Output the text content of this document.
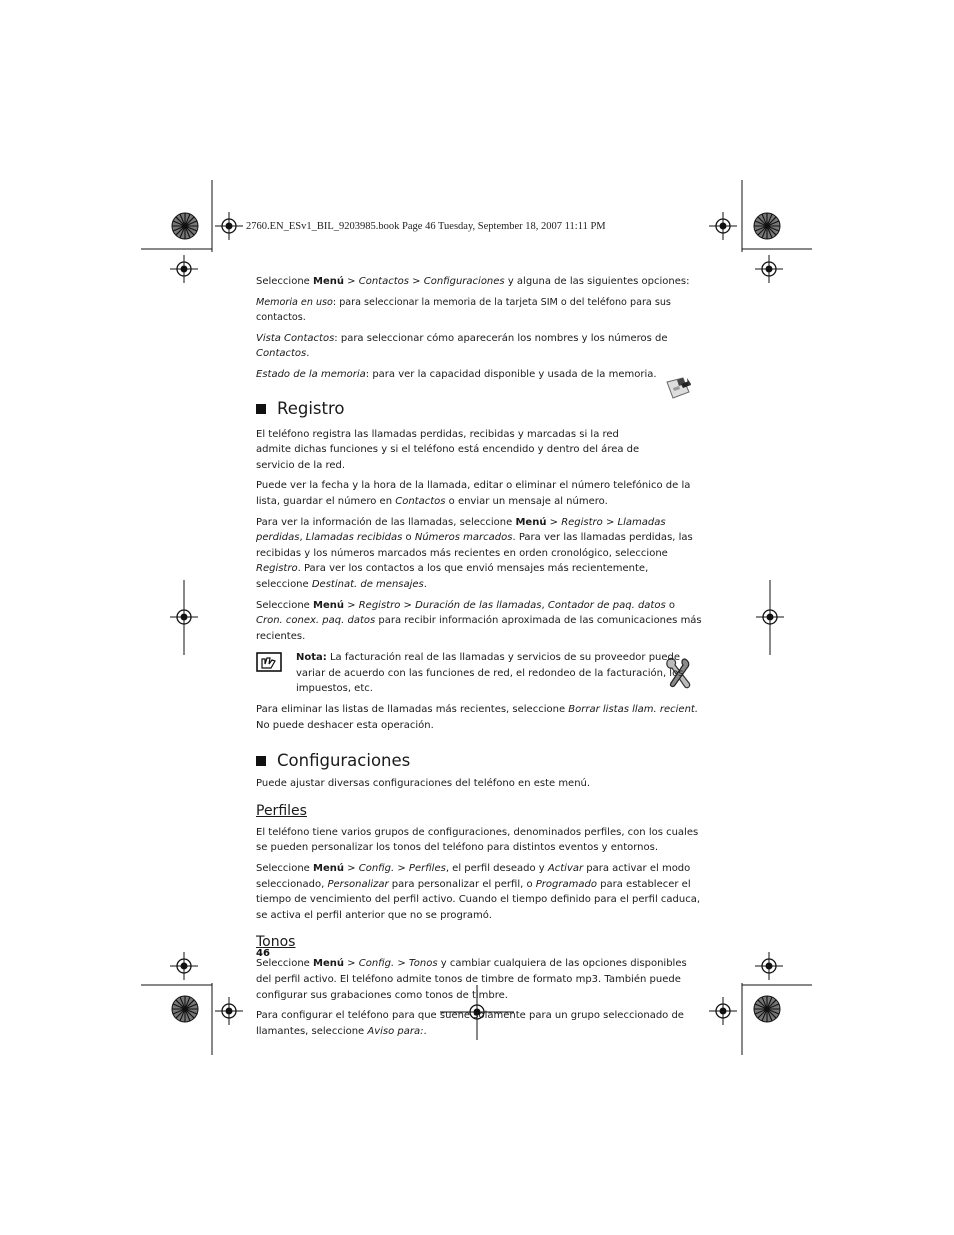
2760.EN_ESv1_BIL_9203985.book Page 46 Tuesday, September 18, 2007 11:11 PM

Seleccione Menú > Contactos > Configuraciones y alguna de las siguientes opciones:

Memoria en uso: para seleccionar la memoria de la tarjeta SIM o del teléfono para sus contactos.

Vista Contactos: para seleccionar cómo aparecerán los nombres y los números de Contactos.

Estado de la memoria: para ver la capacidad disponible y usada de la memoria.

Registro

El teléfono registra las llamadas perdidas, recibidas y marcadas si la red admite dichas funciones y si el teléfono está encendido y dentro del área de servicio de la red.

Puede ver la fecha y la hora de la llamada, editar o eliminar el número telefónico de la lista, guardar el número en Contactos o enviar un mensaje al número.

Para ver la información de las llamadas, seleccione Menú > Registro > Llamadas perdidas, Llamadas recibidas o Números marcados. Para ver las llamadas perdidas, las recibidas y los números marcados más recientes en orden cronológico, seleccione Registro. Para ver los contactos a los que envió mensajes más recientemente, seleccione Destinat. de mensajes.

Seleccione Menú > Registro > Duración de las llamadas, Contador de paq. datos o Cron. conex. paq. datos para recibir información aproximada de las comunicaciones más recientes.

Nota: La facturación real de las llamadas y servicios de su proveedor puede variar de acuerdo con las funciones de red, el redondeo de la facturación, los impuestos, etc.

Para eliminar las listas de llamadas más recientes, seleccione Borrar listas llam. recient. No puede deshacer esta operación.

Configuraciones

Puede ajustar diversas configuraciones del teléfono en este menú.

Perfiles

El teléfono tiene varios grupos de configuraciones, denominados perfiles, con los cuales se pueden personalizar los tonos del teléfono para distintos eventos y entornos.

Seleccione Menú > Config. > Perfiles, el perfil deseado y Activar para activar el modo seleccionado, Personalizar para personalizar el perfil, o Programado para establecer el tiempo de vencimiento del perfil activo. Cuando el tiempo definido para el perfil caduca, se activa el perfil anterior que no se programó.

Tonos

Seleccione Menú > Config. > Tonos y cambiar cualquiera de las opciones disponibles del perfil activo. El teléfono admite tonos de timbre de formato mp3. También puede configurar sus grabaciones como tonos de timbre.

Para configurar el teléfono para que suene solamente para un grupo seleccionado de llamantes, seleccione Aviso para:.

46
